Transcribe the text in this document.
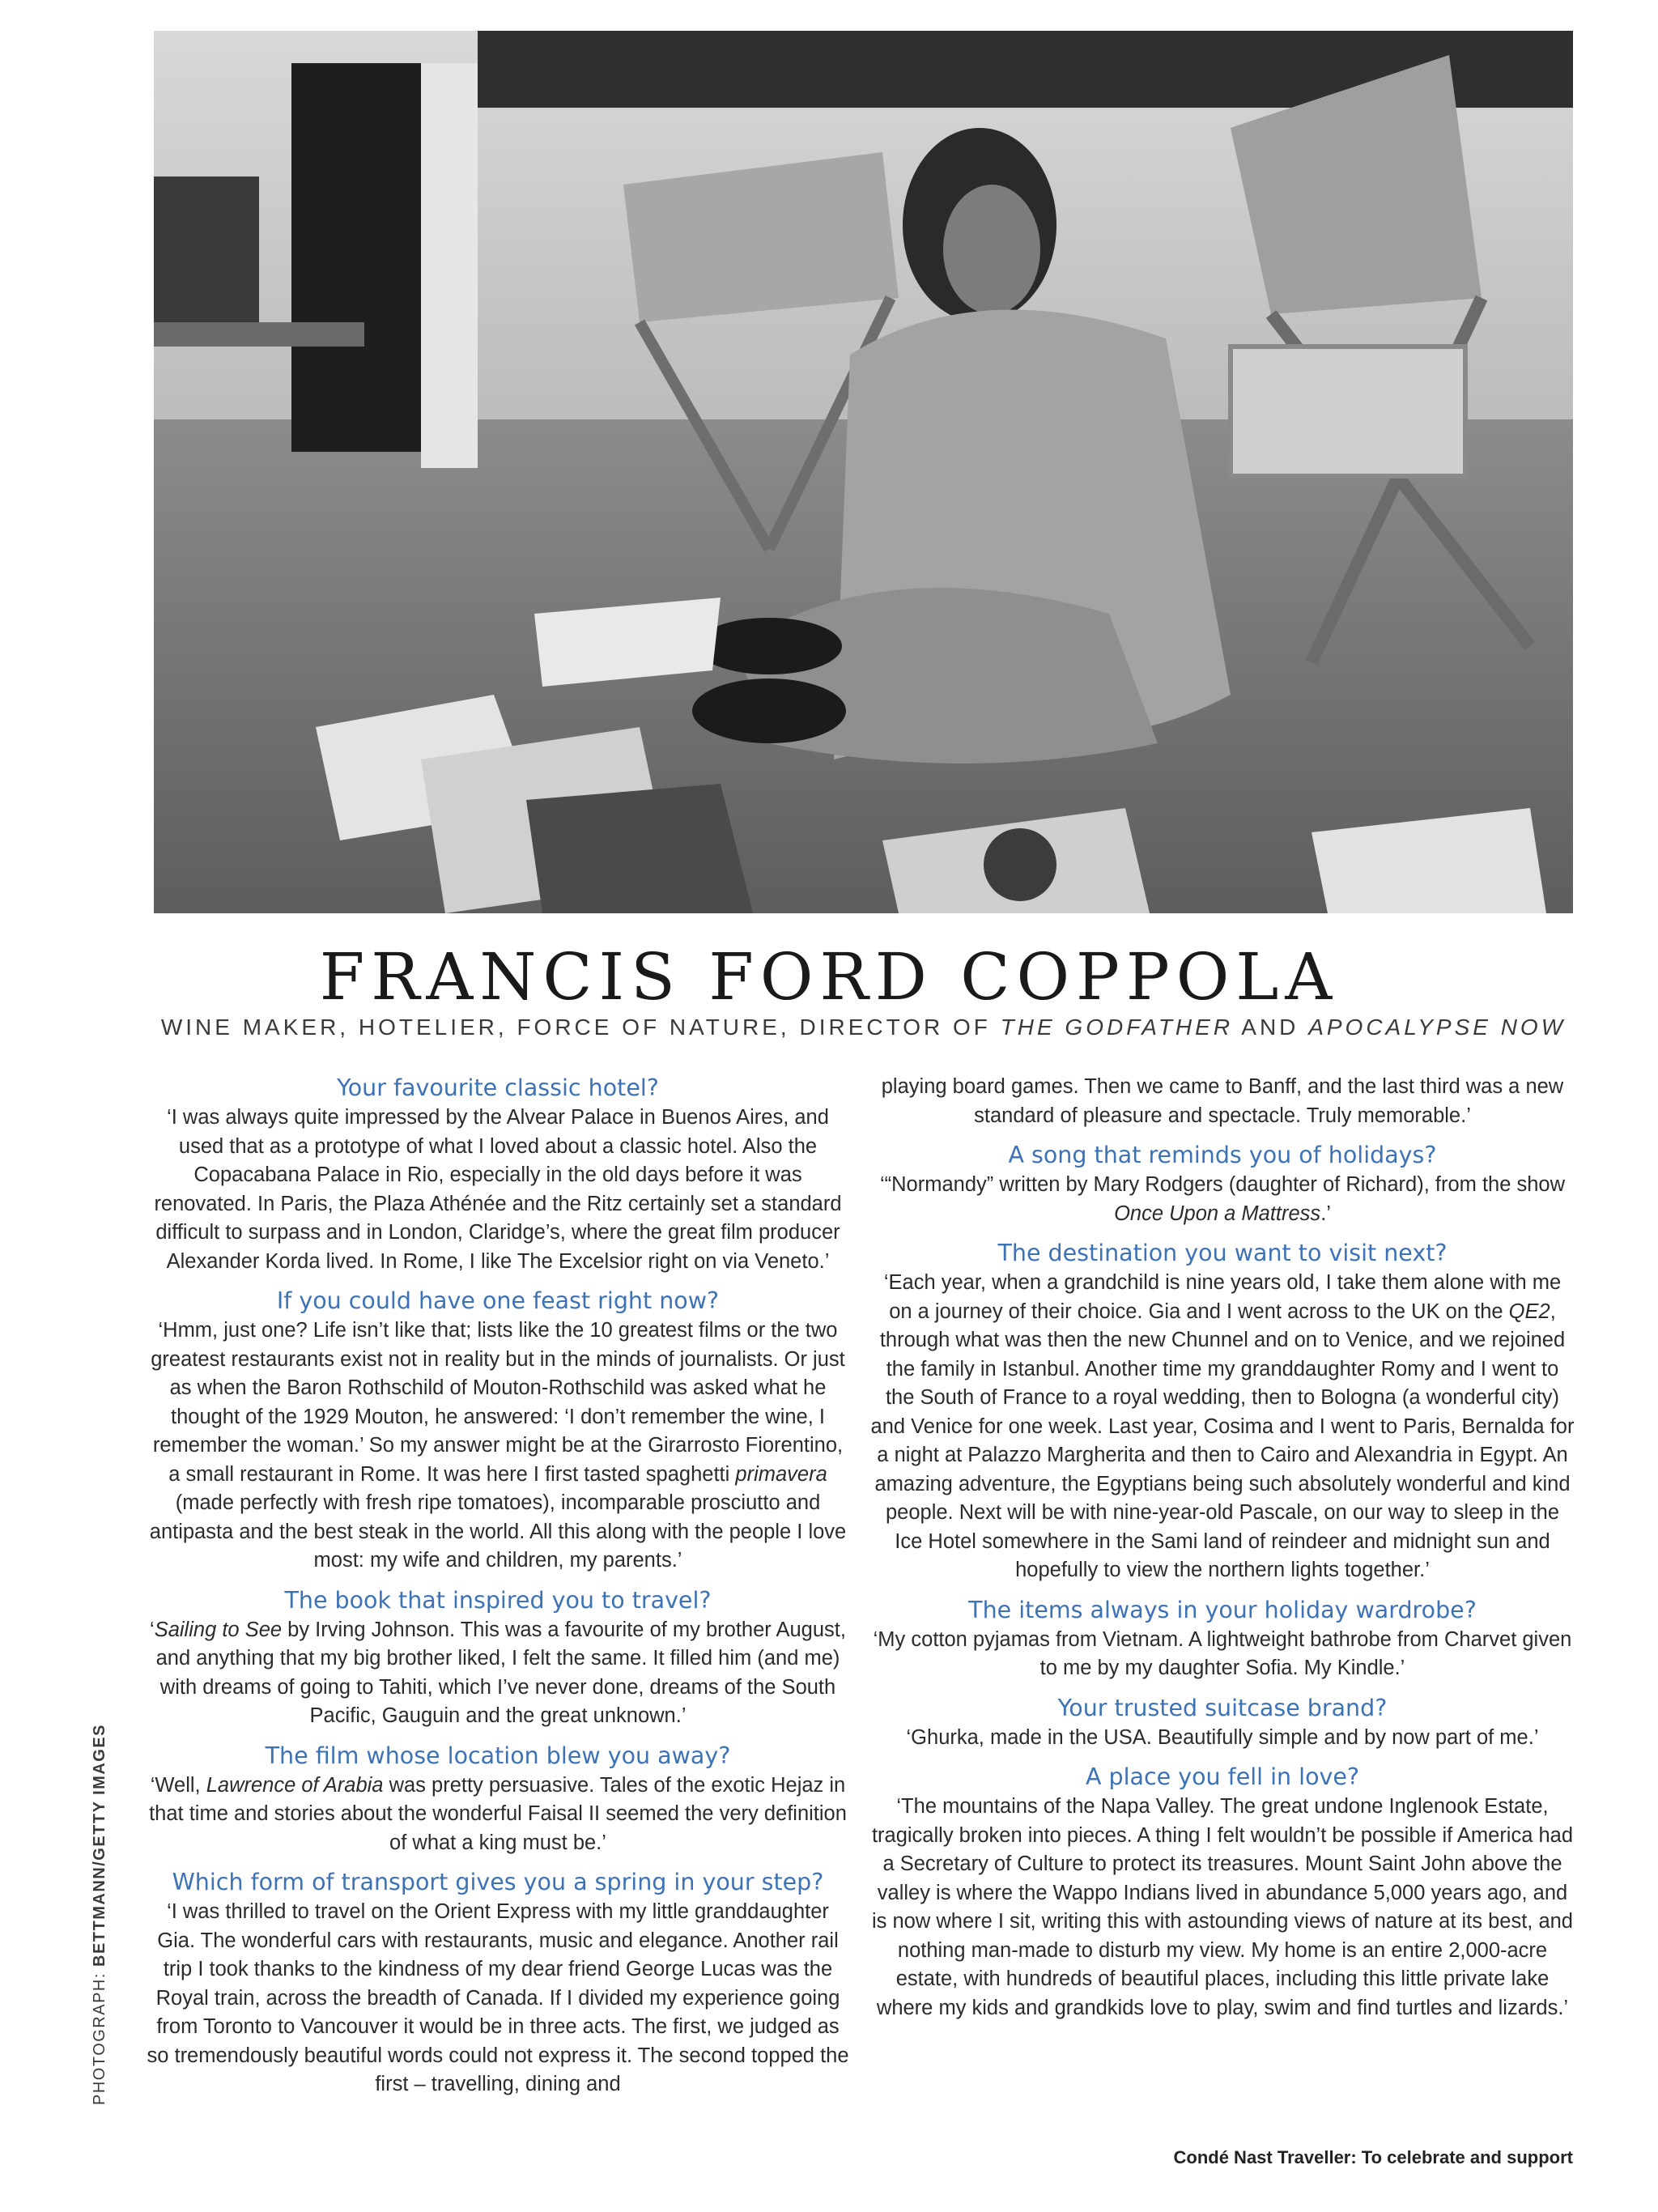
FRANCIS FORD COPPOLA

WINE MAKER, HOTELIER, FORCE OF NATURE, DIRECTOR OF THE GODFATHER AND APOCALYPSE NOW

PHOTOGRAPH: BETTMANN/GETTY IMAGES
Your favourite classic hotel?

‘I was always quite impressed by the Alvear Palace in Buenos Aires, and used that as a prototype of what I loved about a classic hotel. Also the Copacabana Palace in Rio, especially in the old days before it was renovated. In Paris, the Plaza Athénée and the Ritz certainly set a standard difficult to surpass and in London, Claridge’s, where the great film producer Alexander Korda lived. In Rome, I like The Excelsior right on via Veneto.’

If you could have one feast right now?

‘Hmm, just one? Life isn’t like that; lists like the 10 greatest films or the two greatest restaurants exist not in reality but in the minds of journalists. Or just as when the Baron Rothschild of Mouton-Rothschild was asked what he thought of the 1929 Mouton, he answered: ‘I don’t remember the wine, I remember the woman.’ So my answer might be at the Girarrosto Fiorentino, a small restaurant in Rome. It was here I first tasted spaghetti primavera (made perfectly with fresh ripe tomatoes), incomparable prosciutto and antipasta and the best steak in the world. All this along with the people I love most: my wife and children, my parents.’

The book that inspired you to travel?

‘Sailing to See by Irving Johnson. This was a favourite of my brother August, and anything that my big brother liked, I felt the same. It filled him (and me) with dreams of going to Tahiti, which I’ve never done, dreams of the South Pacific, Gauguin and the great unknown.’

The film whose location blew you away?

‘Well, Lawrence of Arabia was pretty persuasive. Tales of the exotic Hejaz in that time and stories about the wonderful Faisal II seemed the very definition of what a king must be.’

Which form of transport gives you a spring in your step?

‘I was thrilled to travel on the Orient Express with my little granddaughter Gia. The wonderful cars with restaurants, music and elegance. Another rail trip I took thanks to the kindness of my dear friend George Lucas was the Royal train, across the breadth of Canada. If I divided my experience going from Toronto to Vancouver it would be in three acts. The first, we judged as so tremendously beautiful words could not express it. The second topped the first – travelling, dining and

playing board games. Then we came to Banff, and the last third was a new standard of pleasure and spectacle. Truly memorable.’

A song that reminds you of holidays?

‘“Normandy” written by Mary Rodgers (daughter of Richard), from the show Once Upon a Mattress.’

The destination you want to visit next?

‘Each year, when a grandchild is nine years old, I take them alone with me on a journey of their choice. Gia and I went across to the UK on the QE2, through what was then the new Chunnel and on to Venice, and we rejoined the family in Istanbul. Another time my granddaughter Romy and I went to the South of France to a royal wedding, then to Bologna (a wonderful city) and Venice for one week. Last year, Cosima and I went to Paris, Bernalda for a night at Palazzo Margherita and then to Cairo and Alexandria in Egypt. An amazing adventure, the Egyptians being such absolutely wonderful and kind people. Next will be with nine-year-old Pascale, on our way to sleep in the Ice Hotel somewhere in the Sami land of reindeer and midnight sun and hopefully to view the northern lights together.’

The items always in your holiday wardrobe?

‘My cotton pyjamas from Vietnam. A lightweight bathrobe from Charvet given to me by my daughter Sofia. My Kindle.’

Your trusted suitcase brand?

‘Ghurka, made in the USA. Beautifully simple and by now part of me.’

A place you fell in love?

‘The mountains of the Napa Valley. The great undone Inglenook Estate, tragically broken into pieces. A thing I felt wouldn’t be possible if America had a Secretary of Culture to protect its treasures. Mount Saint John above the valley is where the Wappo Indians lived in abundance 5,000 years ago, and is now where I sit, writing this with astounding views of nature at its best, and nothing man-made to disturb my view. My home is an entire 2,000-acre estate, with hundreds of beautiful places, including this little private lake where my kids and grandkids love to play, swim and find turtles and lizards.’

Condé Nast Traveller: To celebrate and support
